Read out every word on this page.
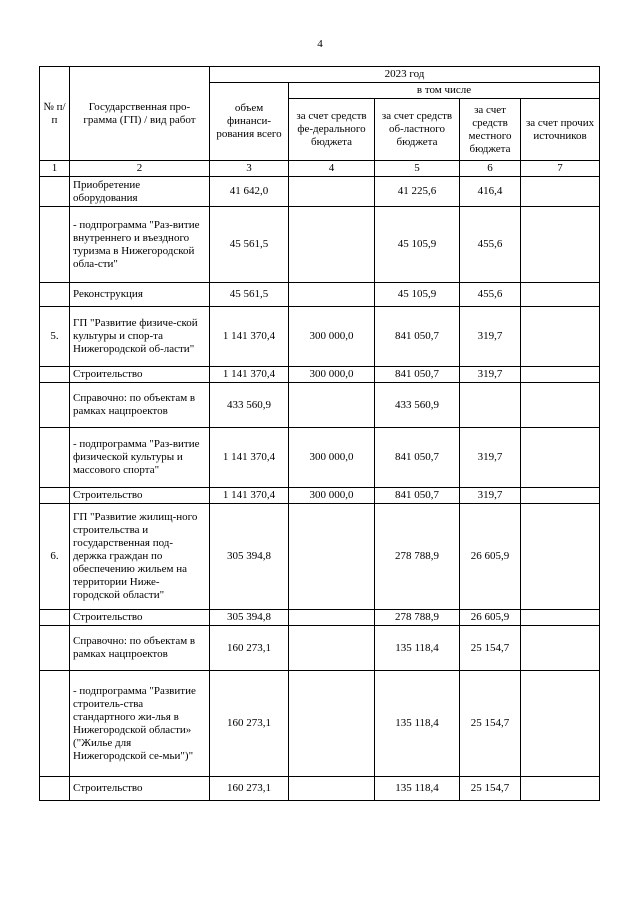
4
№ п/п	Государственная про-грамма (ГП) / вид работ	2023 год				
		объем финанси-рования всего	в том числе			
			за счет средств фе-дерального бюджета	за счет средств об-ластного бюджета	за счет средств местного бюджета	за счет прочих источников
1	2	3	4	5	6	7
	Приобретение оборудования	41 642,0		41 225,6	416,4	
	- подпрограмма "Раз-витие внутреннего и въездного туризма в Нижегородской обла-сти"	45 561,5		45 105,9	455,6	
	Реконструкция	45 561,5		45 105,9	455,6	
5.	ГП "Развитие физиче-ской культуры и спор-та Нижегородской об-ласти"	1 141 370,4	300 000,0	841 050,7	319,7	
	Строительство	1 141 370,4	300 000,0	841 050,7	319,7	
	Справочно: по объектам в рамках нацпроектов	433 560,9		433 560,9		
	- подпрограмма "Раз-витие физической культуры и массового спорта"	1 141 370,4	300 000,0	841 050,7	319,7	
	Строительство	1 141 370,4	300 000,0	841 050,7	319,7	
6.	ГП "Развитие жилищ-ного строительства и государственная под-держка граждан по обеспечению жильем на территории Ниже-городской области"	305 394,8		278 788,9	26 605,9	
	Строительство	305 394,8		278 788,9	26 605,9	
	Справочно: по объектам в рамках нацпроектов	160 273,1		135 118,4	25 154,7	
	- подпрограмма "Развитие строитель-ства стандартного жи-лья в Нижегородской области» ("Жилье для Нижегородской се-мьи")"	160 273,1		135 118,4	25 154,7	
	Строительство	160 273,1		135 118,4	25 154,7	
